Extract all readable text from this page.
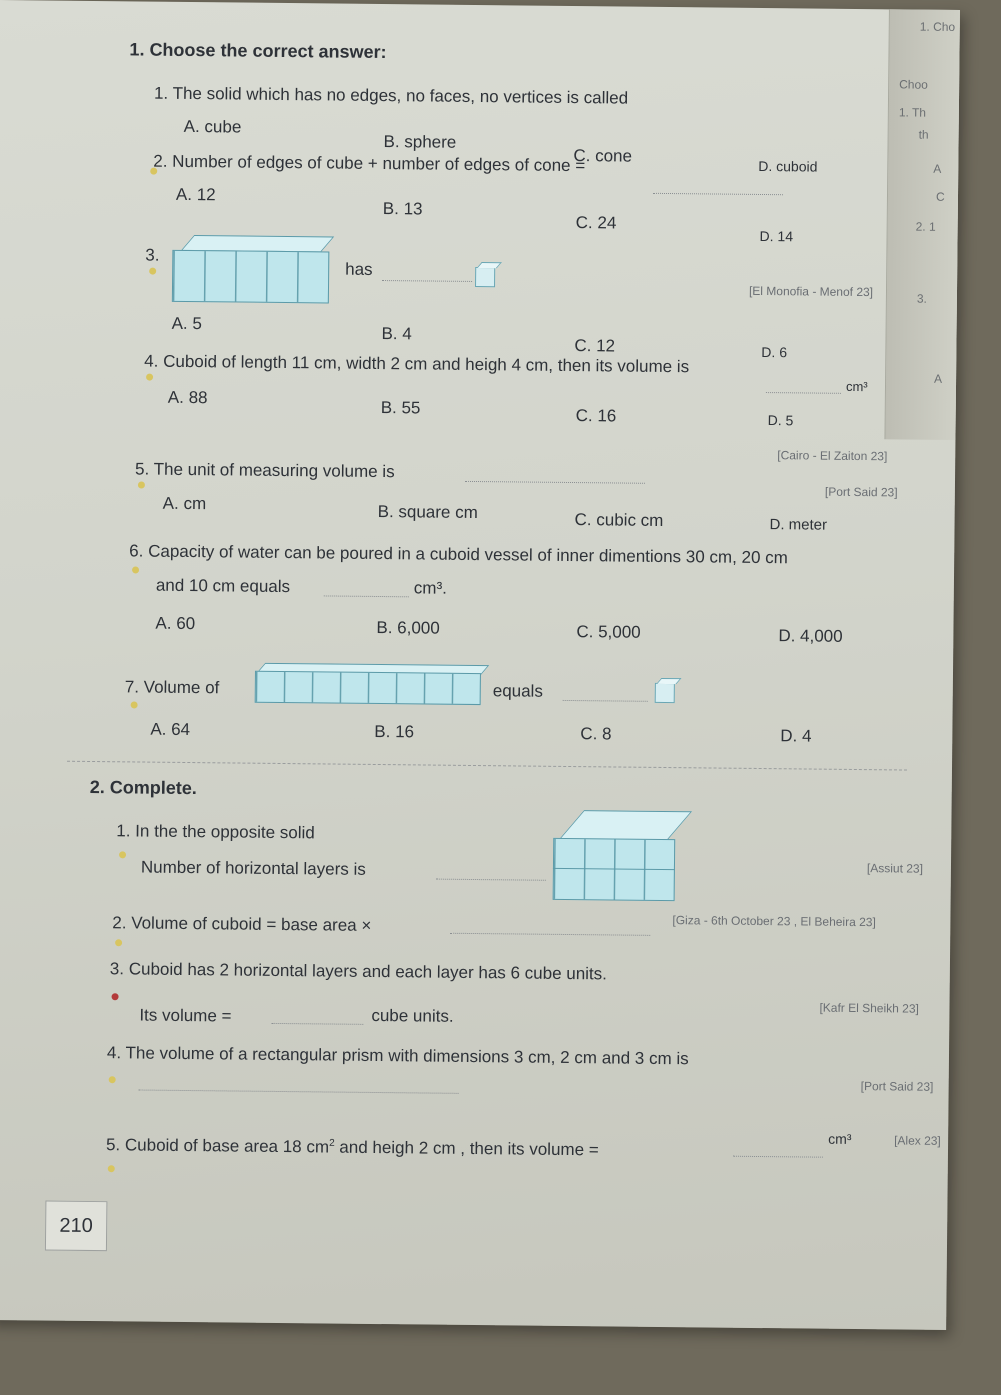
1. Cho
Choo
1. Th
th
A
C
2. 1
3.
A
1. Choose the correct answer:
1. The solid which has no edges, no faces, no vertices is called
A. cube
B. sphere
C. cone
D. cuboid
2. Number of edges of cube + number of edges of cone =
A. 12
B. 13
C. 24
D. 14
3.
has
[El Monofia - Menof 23]
A. 5
B. 4
C. 12	D. 6
4. Cuboid of length 11 cm, width 2 cm and heigh 4 cm, then its volume is
cm³
A. 88
B. 55	C. 16	D. 5
[Cairo - El Zaiton 23]
5. The unit of measuring volume is
[Port Said 23]
A. cm	B. square cm	C. cubic cm	D. meter
6. Capacity of water can be poured in a cuboid vessel of inner dimentions 30 cm, 20 cm
and 10 cm equals	cm³.
A. 60	B. 6,000	C. 5,000	D. 4,000
7. Volume of	equals
A. 64	B. 16	C. 8	D. 4
2. Complete.
1. In the the opposite solid
Number of horizontal layers is	[Assiut 23]
2. Volume of cuboid = base area ×	[Giza - 6th October 23 , El Beheira 23]
3. Cuboid has 2 horizontal layers and each layer has 6 cube units.
Its volume =	cube units.	[Kafr El Sheikh 23]
4. The volume of a rectangular prism with dimensions 3 cm, 2 cm and 3 cm is
[Port Said 23]
5. Cuboid of base area 18 $cm^2$ and heigh 2 cm , then its volume =	cm³	[Alex 23]
210
